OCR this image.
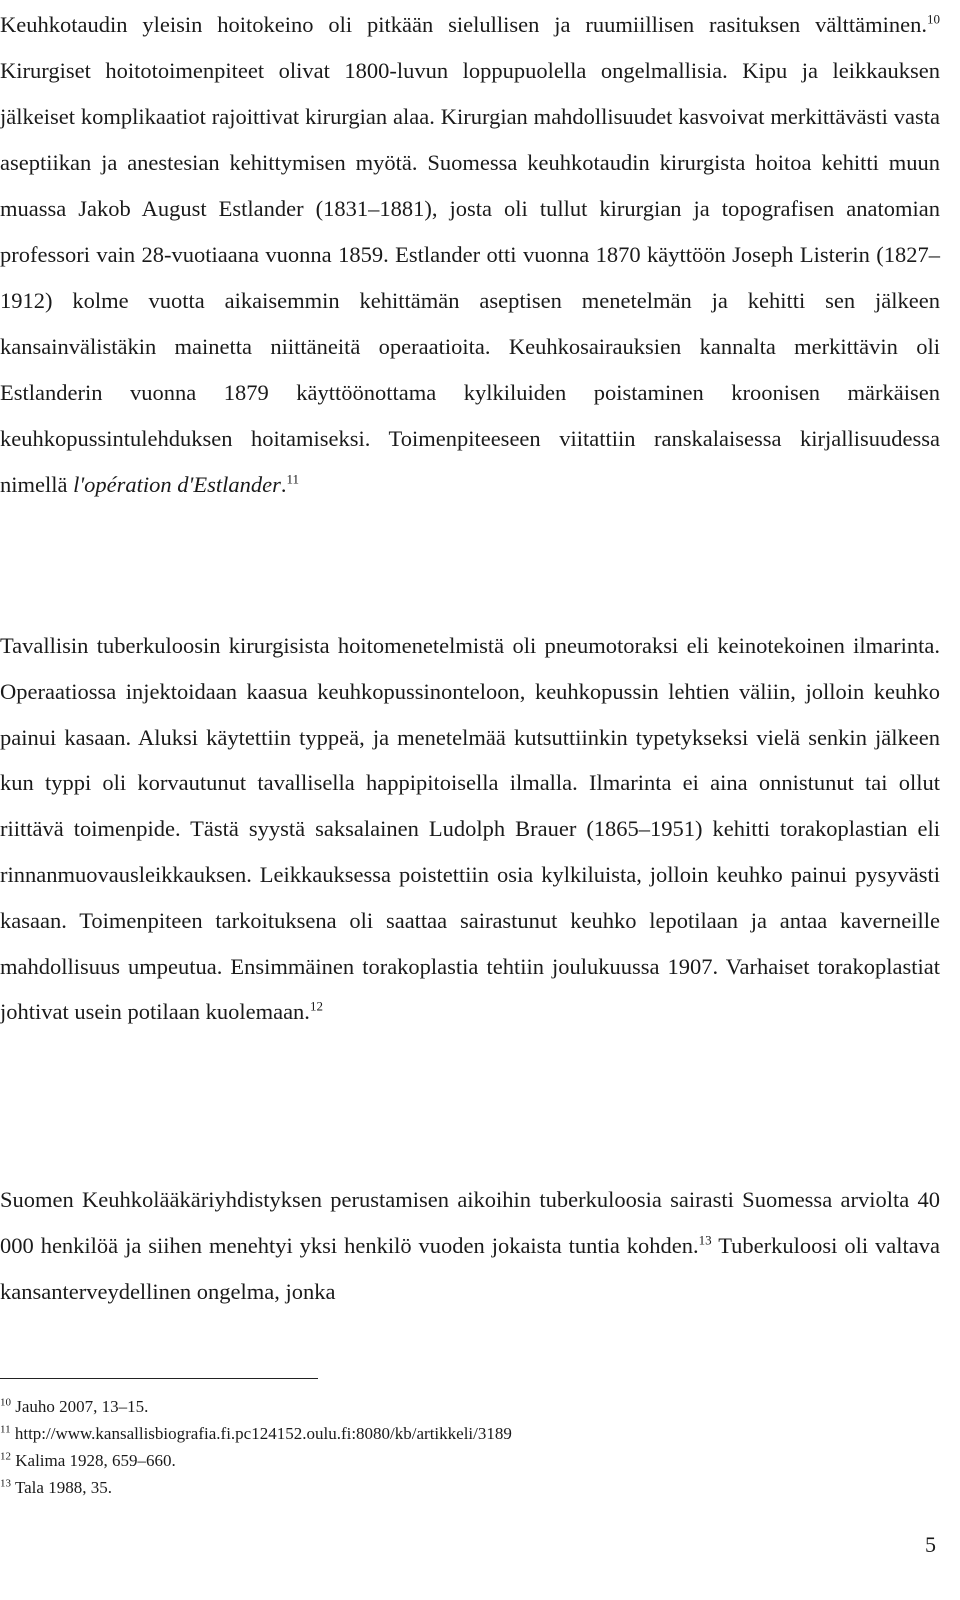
Keuhkotaudin yleisin hoitokeino oli pitkään sielullisen ja ruumiillisen rasituksen välttäminen.$^{10}$ Kirurgiset hoitotoimenpiteet olivat 1800-luvun loppupuolella ongelmallisia. Kipu ja leikkauksen jälkeiset komplikaatiot rajoittivat kirurgian alaa. Kirurgian mahdollisuudet kasvoivat merkittävästi vasta aseptiikan ja anestesian kehittymisen myötä. Suomessa keuhkotaudin kirurgista hoitoa kehitti muun muassa Jakob August Estlander (1831–1881), josta oli tullut kirurgian ja topografisen anatomian professori vain 28-vuotiaana vuonna 1859. Estlander otti vuonna 1870 käyttöön Joseph Listerin (1827–1912) kolme vuotta aikaisemmin kehittämän aseptisen menetelmän ja kehitti sen jälkeen kansainvälistäkin mainetta niittäneitä operaatioita. Keuhkosairauksien kannalta merkittävin oli Estlanderin vuonna 1879 käyttöönottama kylkiluiden poistaminen kroonisen märkäisen keuhkopussintulehduksen hoitamiseksi. Toimenpiteeseen viitattiin ranskalaisessa kirjallisuudessa nimellä l'opération d'Estlander.$^{11}$

Tavallisin tuberkuloosin kirurgisista hoitomenetelmistä oli pneumotoraksi eli keinotekoinen ilmarinta. Operaatiossa injektoidaan kaasua keuhkopussinonteloon, keuhkopussin lehtien väliin, jolloin keuhko painui kasaan. Aluksi käytettiin typpeä, ja menetelmää kutsuttiinkin typetykseksi vielä senkin jälkeen kun typpi oli korvautunut tavallisella happipitoisella ilmalla. Ilmarinta ei aina onnistunut tai ollut riittävä toimenpide. Tästä syystä saksalainen Ludolph Brauer (1865–1951) kehitti torakoplastian eli rinnanmuovausleikkauksen. Leikkauksessa poistettiin osia kylkiluista, jolloin keuhko painui pysyvästi kasaan. Toimenpiteen tarkoituksena oli saattaa sairastunut keuhko lepotilaan ja antaa kaverneille mahdollisuus umpeutua. Ensimmäinen torakoplastia tehtiin joulukuussa 1907. Varhaiset torakoplastiat johtivat usein potilaan kuolemaan.$^{12}$

Suomen Keuhkolääkäriyhdistyksen perustamisen aikoihin tuberkuloosia sairasti Suomessa arviolta 40 000 henkilöä ja siihen menehtyi yksi henkilö vuoden jokaista tuntia kohden.$^{13}$ Tuberkuloosi oli valtava kansanterveydellinen ongelma, jonka

$^{10}$ Jauho 2007, 13–15.
$^{11}$ http://www.kansallisbiografia.fi.pc124152.oulu.fi:8080/kb/artikkeli/3189
$^{12}$ Kalima 1928, 659–660.
$^{13}$ Tala 1988, 35.
5
